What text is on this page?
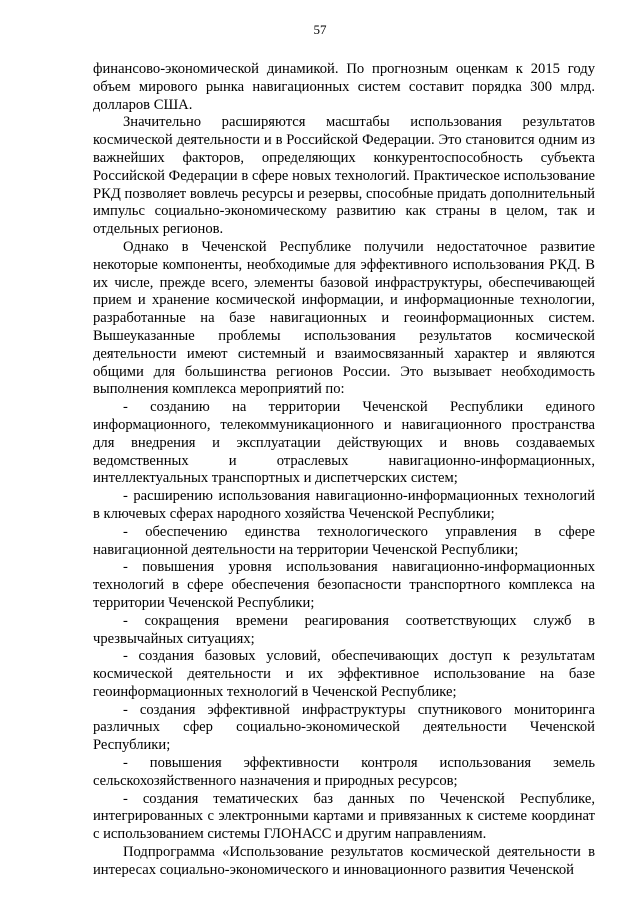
57

финансово-экономической динамикой. По прогнозным оценкам к 2015 году объем мирового рынка навигационных систем составит порядка 300 млрд. долларов США.

Значительно расширяются масштабы использования результатов космической деятельности и в Российской Федерации. Это становится одним из важнейших факторов, определяющих конкурентоспособность субъекта Российской Федерации в сфере новых технологий. Практическое использование РКД позволяет вовлечь ресурсы и резервы, способные придать дополнительный импульс социально-экономическому развитию как страны в целом, так и отдельных регионов.

Однако в Чеченской Республике получили недостаточное развитие некоторые компоненты, необходимые для эффективного использования РКД. В их числе, прежде всего, элементы базовой инфраструктуры, обеспечивающей прием и хранение космической информации, и информационные технологии, разработанные на базе навигационных и геоинформационных систем. Вышеуказанные проблемы использования результатов космической деятельности имеют системный и взаимосвязанный характер и являются общими для большинства регионов России. Это вызывает необходимость выполнения комплекса мероприятий по:

- созданию на территории Чеченской Республики единого информационного, телекоммуникационного и навигационного пространства для внедрения и эксплуатации действующих и вновь создаваемых ведомственных и отраслевых навигационно-информационных, интеллектуальных транспортных и диспетчерских систем;

- расширению использования навигационно-информационных технологий в ключевых сферах народного хозяйства Чеченской Республики;

- обеспечению единства технологического управления в сфере навигационной деятельности на территории Чеченской Республики;

- повышения уровня использования навигационно-информационных технологий в сфере обеспечения безопасности транспортного комплекса на территории Чеченской Республики;

- сокращения времени реагирования соответствующих служб в чрезвычайных ситуациях;

- создания базовых условий, обеспечивающих доступ к результатам космической деятельности и их эффективное использование на базе геоинформационных технологий в Чеченской Республике;

- создания эффективной инфраструктуры спутникового мониторинга различных сфер социально-экономической деятельности Чеченской Республики;

- повышения эффективности контроля использования земель сельскохозяйственного назначения и природных ресурсов;

- создания тематических баз данных по Чеченской Республике, интегрированных с электронными картами и привязанных к системе координат с использованием системы ГЛОНАСС и другим направлениям.

Подпрограмма «Использование результатов космической деятельности в интересах социально-экономического и инновационного развития Чеченской
